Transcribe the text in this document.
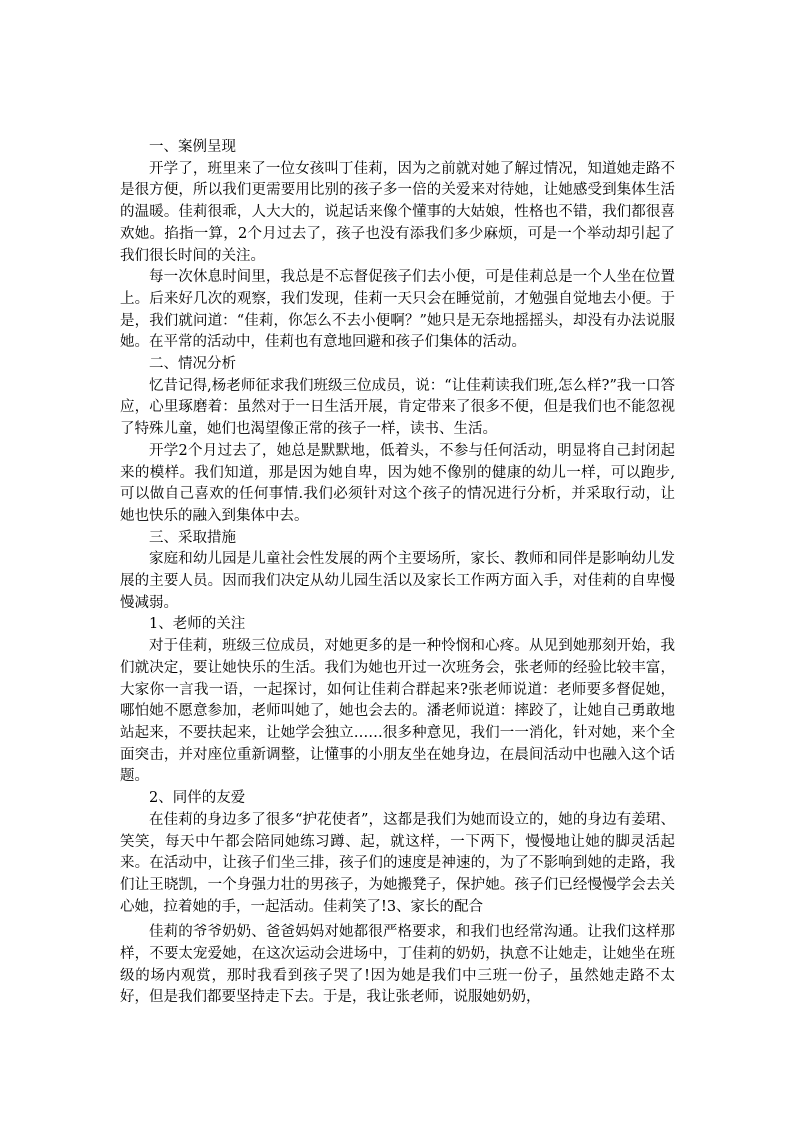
一、案例呈现

开学了，班里来了一位女孩叫丁佳莉，因为之前就对她了解过情况，知道她走路不是很方便，所以我们更需要用比别的孩子多一倍的关爱来对待她，让她感受到集体生活的温暖。佳莉很乖，人大大的，说起话来像个懂事的大姑娘，性格也不错，我们都很喜欢她。掐指一算，2个月过去了，孩子也没有添我们多少麻烦，可是一个举动却引起了我们很长时间的关注。

每一次休息时间里，我总是不忘督促孩子们去小便，可是佳莉总是一个人坐在位置上。后来好几次的观察，我们发现，佳莉一天只会在睡觉前，才勉强自觉地去小便。于是，我们就问道：“佳莉，你怎么不去小便啊？”她只是无奈地摇摇头，却没有办法说服她。在平常的活动中，佳莉也有意地回避和孩子们集体的活动。

二、情况分析

忆昔记得,杨老师征求我们班级三位成员，说：“让佳莉读我们班,怎么样?”我一口答应，心里琢磨着：虽然对于一日生活开展，肯定带来了很多不便，但是我们也不能忽视了特殊儿童，她们也渴望像正常的孩子一样，读书、生活。

开学2个月过去了，她总是默默地，低着头，不参与任何活动，明显将自己封闭起来的模样。我们知道，那是因为她自卑，因为她不像别的健康的幼儿一样，可以跑步,可以做自己喜欢的任何事情.我们必须针对这个孩子的情况进行分析，并采取行动，让她也快乐的融入到集体中去。

三、采取措施

家庭和幼儿园是儿童社会性发展的两个主要场所，家长、教师和同伴是影响幼儿发展的主要人员。因而我们决定从幼儿园生活以及家长工作两方面入手，对佳莉的自卑慢慢减弱。

1、老师的关注

对于佳莉，班级三位成员，对她更多的是一种怜悯和心疼。从见到她那刻开始，我们就决定，要让她快乐的生活。我们为她也开过一次班务会，张老师的经验比较丰富，大家你一言我一语，一起探讨，如何让佳莉合群起来?张老师说道：老师要多督促她，哪怕她不愿意参加，老师叫她了，她也会去的。潘老师说道：摔跤了，让她自己勇敢地站起来，不要扶起来，让她学会独立……很多种意见，我们一一消化，针对她，来个全面突击，并对座位重新调整，让懂事的小朋友坐在她身边，在晨间活动中也融入这个话题。

2、同伴的友爱

在佳莉的身边多了很多“护花使者”，这都是我们为她而设立的，她的身边有姜珺、笑笑，每天中午都会陪同她练习蹲、起，就这样，一下两下，慢慢地让她的脚灵活起来。在活动中，让孩子们坐三排，孩子们的速度是神速的，为了不影响到她的走路，我们让王晓凯，一个身强力壮的男孩子，为她搬凳子，保护她。孩子们已经慢慢学会去关心她，拉着她的手，一起活动。佳莉笑了!3、家长的配合

佳莉的爷爷奶奶、爸爸妈妈对她都很严格要求，和我们也经常沟通。让我们这样那样，不要太宠爱她，在这次运动会进场中，丁佳莉的奶奶，执意不让她走，让她坐在班级的场内观赏，那时我看到孩子哭了!因为她是我们中三班一份子，虽然她走路不太好，但是我们都要坚持走下去。于是，我让张老师，说服她奶奶，
